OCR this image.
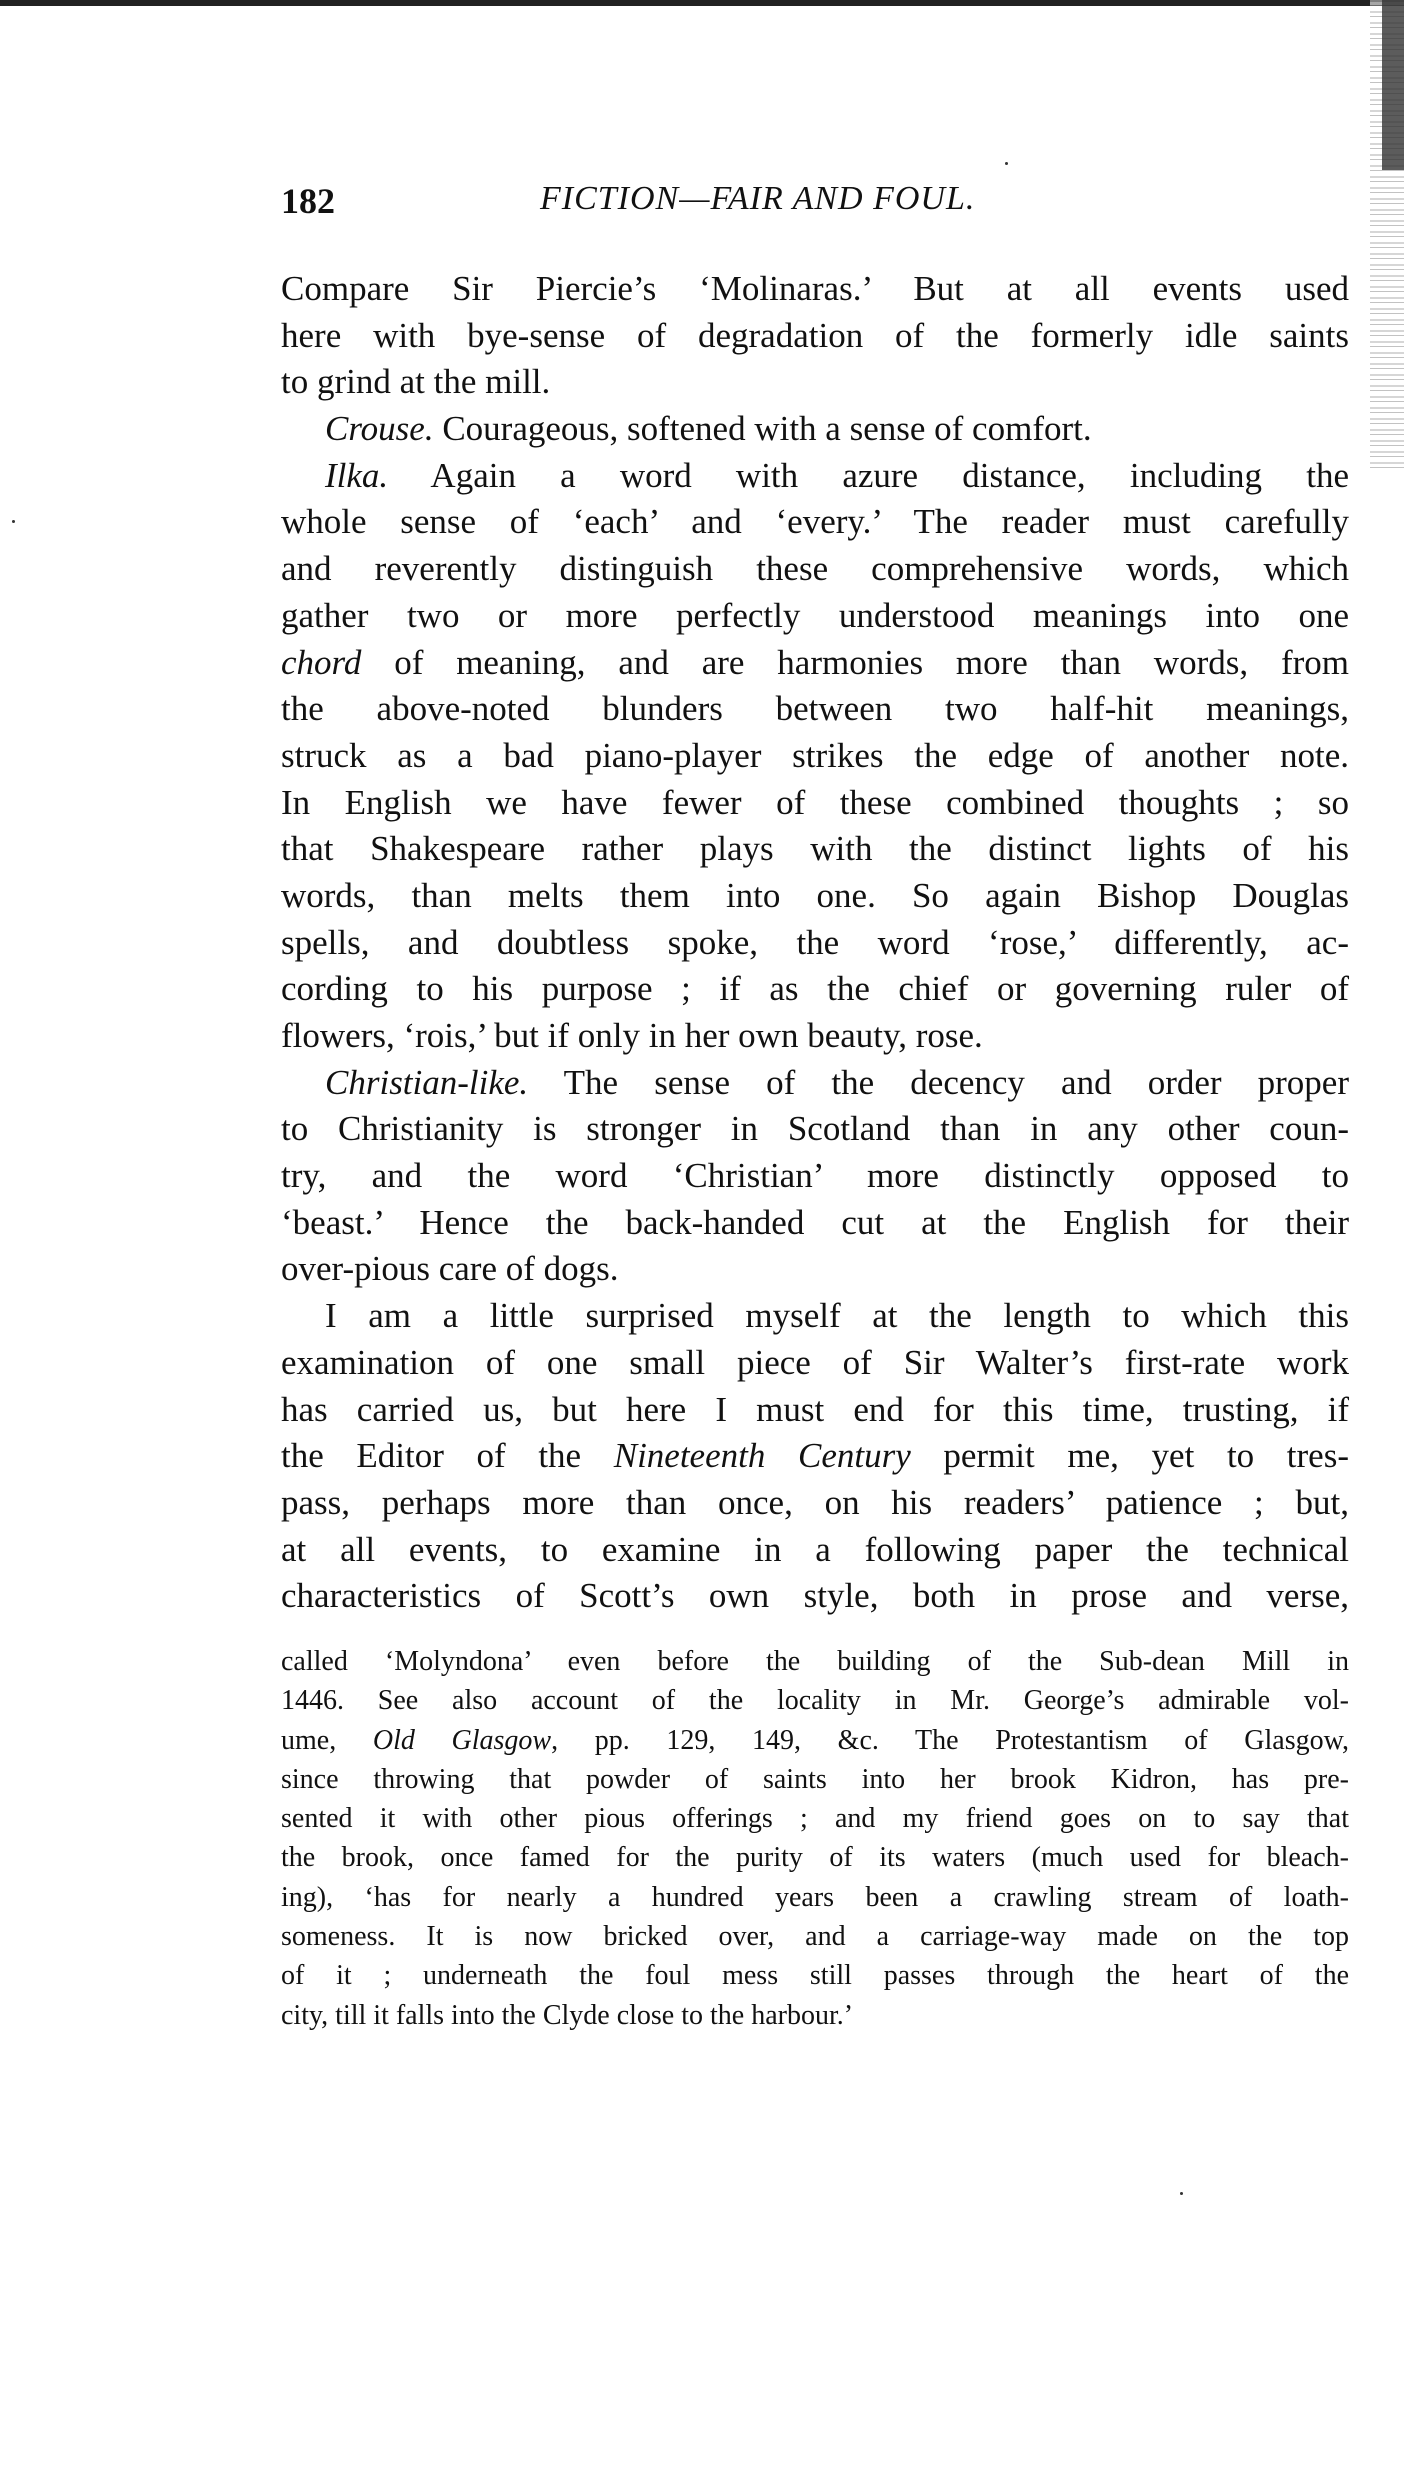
182	FICTION—FAIR AND FOUL.
Compare Sir Piercie’s ‘Molinaras.’ But at all events used
here with bye-sense of degradation of the formerly idle saints
to grind at the mill.
Crouse. Courageous, softened with a sense of comfort.
Ilka. Again a word with azure distance, including the
whole sense of ‘each’ and ‘every.’ The reader must carefully
and reverently distinguish these comprehensive words, which
gather two or more perfectly understood meanings into one
chord of meaning, and are harmonies more than words, from
the above-noted blunders between two half-hit meanings,
struck as a bad piano-player strikes the edge of another note.
In English we have fewer of these combined thoughts ; so
that Shakespeare rather plays with the distinct lights of his
words, than melts them into one. So again Bishop Douglas
spells, and doubtless spoke, the word ‘rose,’ differently, ac-
cording to his purpose ; if as the chief or governing ruler of
flowers, ‘rois,’ but if only in her own beauty, rose.
Christian-like. The sense of the decency and order proper
to Christianity is stronger in Scotland than in any other coun-
try, and the word ‘Christian’ more distinctly opposed to
‘beast.’ Hence the back-handed cut at the English for their
over-pious care of dogs.
I am a little surprised myself at the length to which this
examination of one small piece of Sir Walter’s first-rate work
has carried us, but here I must end for this time, trusting, if
the Editor of the Nineteenth Century permit me, yet to tres-
pass, perhaps more than once, on his readers’ patience ; but,
at all events, to examine in a following paper the technical
characteristics of Scott’s own style, both in prose and verse,
called ‘Molyndona’ even before the building of the Sub-dean Mill in
1446. See also account of the locality in Mr. George’s admirable vol-
ume, Old Glasgow, pp. 129, 149, &c. The Protestantism of Glasgow,
since throwing that powder of saints into her brook Kidron, has pre-
sented it with other pious offerings ; and my friend goes on to say that
the brook, once famed for the purity of its waters (much used for bleach-
ing), ‘has for nearly a hundred years been a crawling stream of loath-
someness. It is now bricked over, and a carriage-way made on the top
of it ; underneath the foul mess still passes through the heart of the
city, till it falls into the Clyde close to the harbour.’
